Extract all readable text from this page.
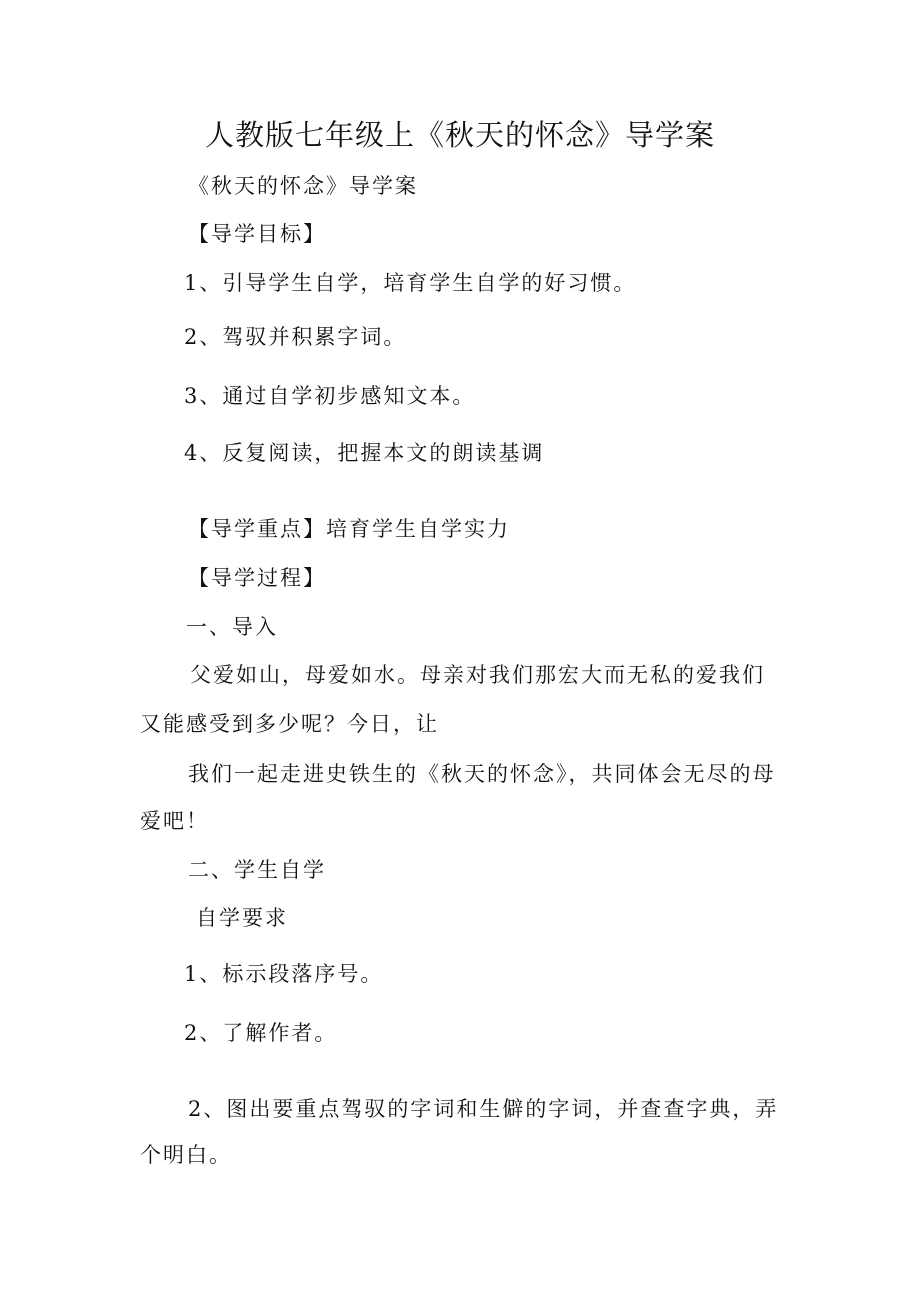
人教版七年级上《秋天的怀念》导学案
《秋天的怀念》导学案
【导学目标】
1、引导学生自学，培育学生自学的好习惯。
2、驾驭并积累字词。
3、通过自学初步感知文本。
4、反复阅读，把握本文的朗读基调
【导学重点】培育学生自学实力
【导学过程】
一、导入
父爱如山，母爱如水。母亲对我们那宏大而无私的爱我们
又能感受到多少呢？今日，让
我们一起走进史铁生的《秋天的怀念》，共同体会无尽的母
爱吧！
二、学生自学
自学要求
1、标示段落序号。
2、了解作者。
2、图出要重点驾驭的字词和生僻的字词，并查查字典，弄
个明白。
